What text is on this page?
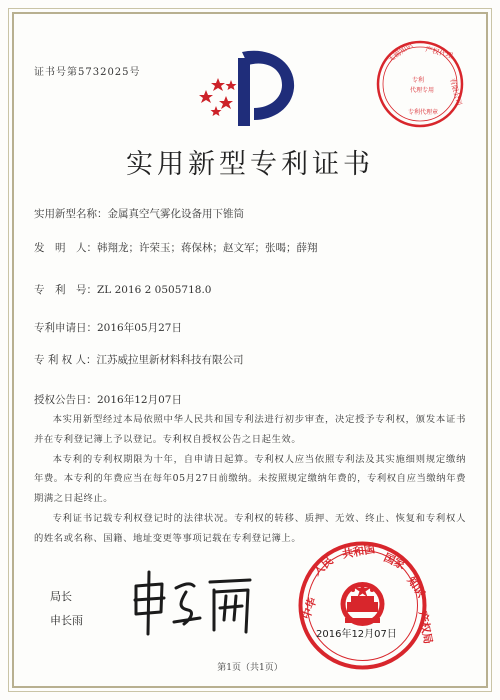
证书号第5732025号
无锡知识 产权代理
有限公司
专利
代理专用
专利代理章
实用新型专利证书
实用新型名称：金属真空气雾化设备用下锥筒
发　明　人：韩翔龙；许荣玉；蒋保林；赵文军；张喝；薛翔
专　利　号：ZL 2016 2 0505718.0
专利申请日：2016年05月27日
专 利 权 人：江苏威拉里新材料科技有限公司
授权公告日：2016年12月07日

本实用新型经过本局依照中华人民共和国专利法进行初步审查，决定授予专利权，颁发本证书并在专利登记簿上予以登记。专利权自授权公告之日起生效。

本专利的专利权期限为十年，自申请日起算。专利权人应当依照专利法及其实施细则规定缴纳年费。本专利的年费应当在每年05月27日前缴纳。未按照规定缴纳年费的，专利权自应当缴纳年费期满之日起终止。

专利证书记载专利权登记时的法律状况。专利权的转移、质押、无效、终止、恢复和专利权人的姓名或名称、国籍、地址变更等事项记载在专利登记簿上。

局长
申长雨	中华
人民
共和国 国家
知识
产权局
2016年12月07日
第1页（共1页）
